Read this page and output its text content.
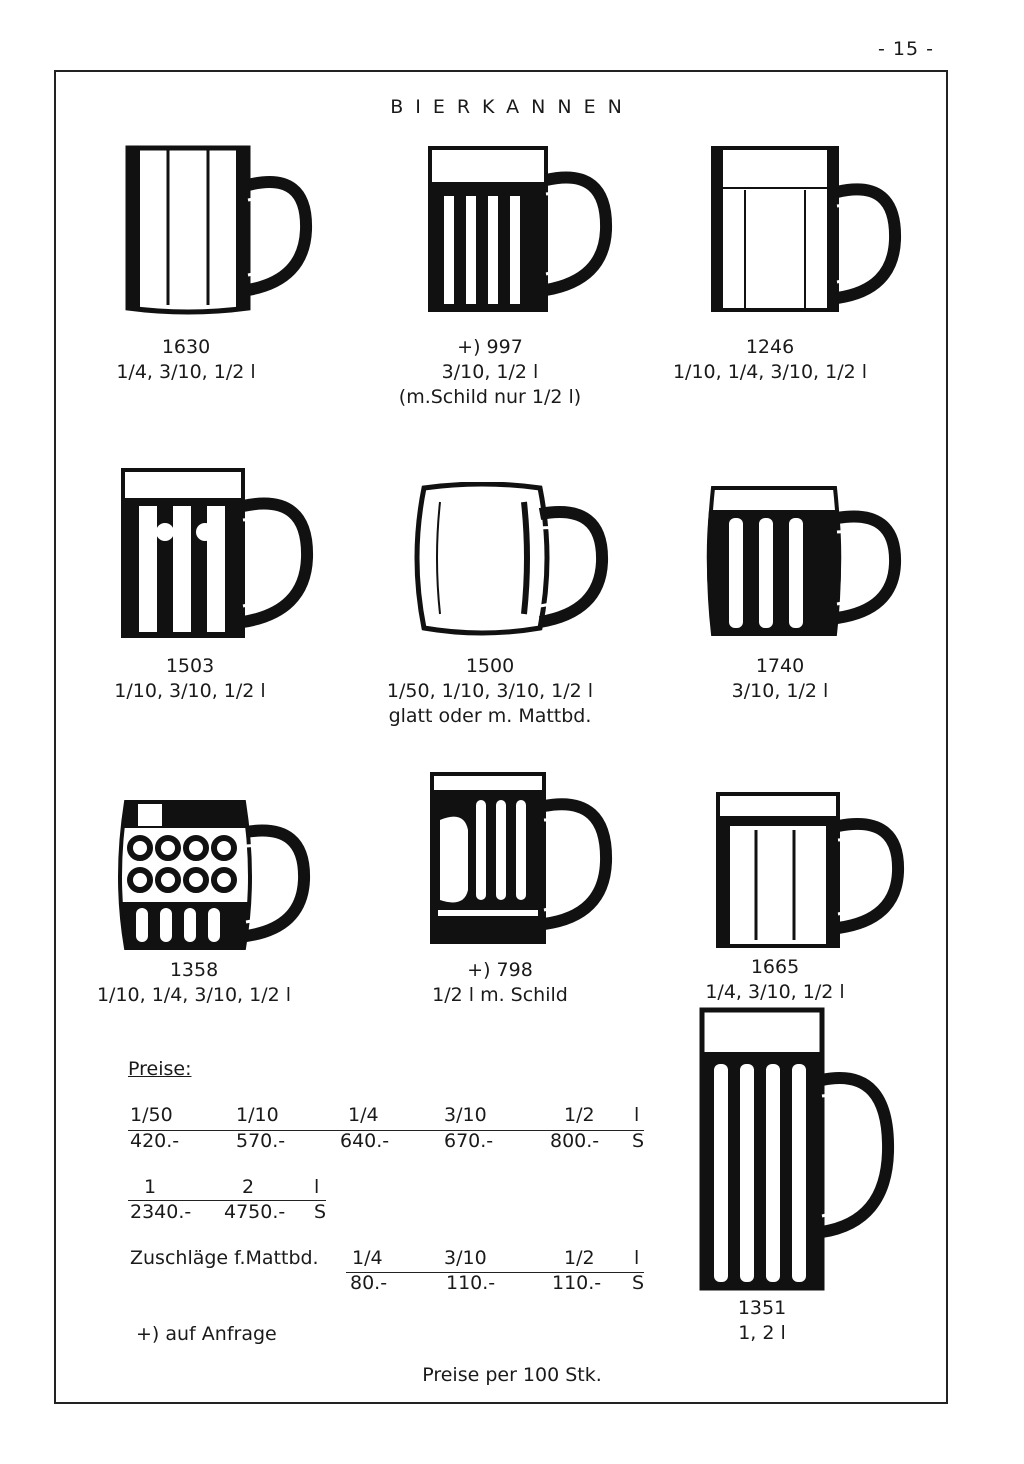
- 15 -
BIERKANNEN
1630
1/4, 3/10, 1/2 l
+) 997
3/10, 1/2 l
(m.Schild nur 1/2 l)
1246
1/10, 1/4, 3/10, 1/2 l
1503
1/10, 3/10, 1/2 l
1500
1/50, 1/10, 3/10, 1/2 l
glatt oder m. Mattbd.
1740
3/10, 1/2 l
1358
1/10, 1/4, 3/10, 1/2 l
+) 798
1/2 l m. Schild
1665
1/4, 3/10, 1/2 l
1351
1, 2 l
Preise:
1/50	1/10	1/4	3/10	1/2 l
420.-	570.-	640.-	670.-	800.- S
1	2	l
2340.- 4750.- S
Zuschläge f.Mattbd. 1/4	3/10	1/2 l
80.-	110.-	110.- S
+) auf Anfrage
Preise per 100 Stk.
